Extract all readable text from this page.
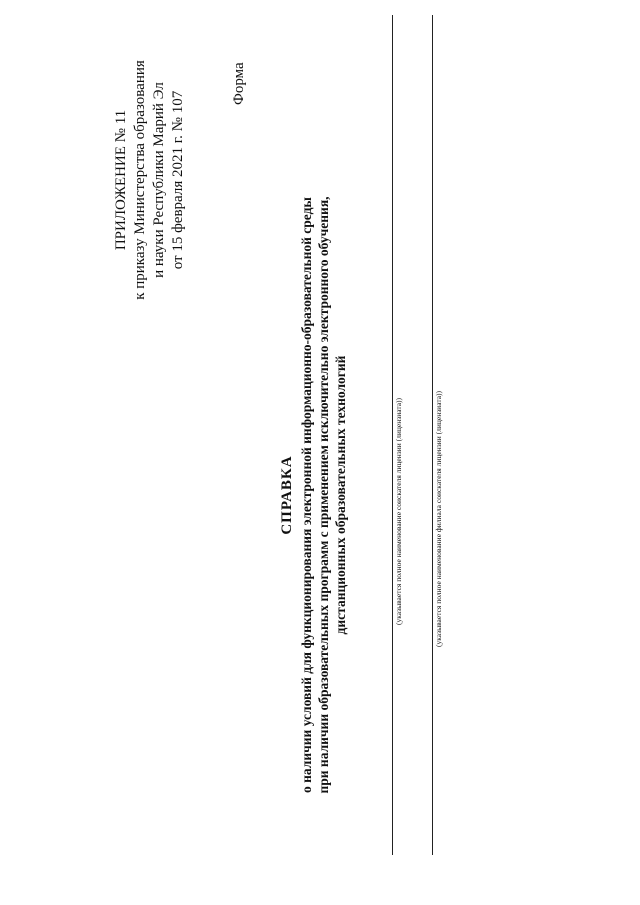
ПРИЛОЖЕНИЕ № 11 к приказу Министерства образования и науки Республики Марий Эл от 15 февраля 2021 г. № 107
Форма
СПРАВКА о наличии условий для функционирования электронной информационно-образовательной среды при наличии образовательных программ с применением исключительно электронного обучения, дистанционных образовательных технологий	(указывается полное наименование соискателя лицензии (лицензиата))	(указывается полное наименование филиала соискателя лицензии (лицензиата))
